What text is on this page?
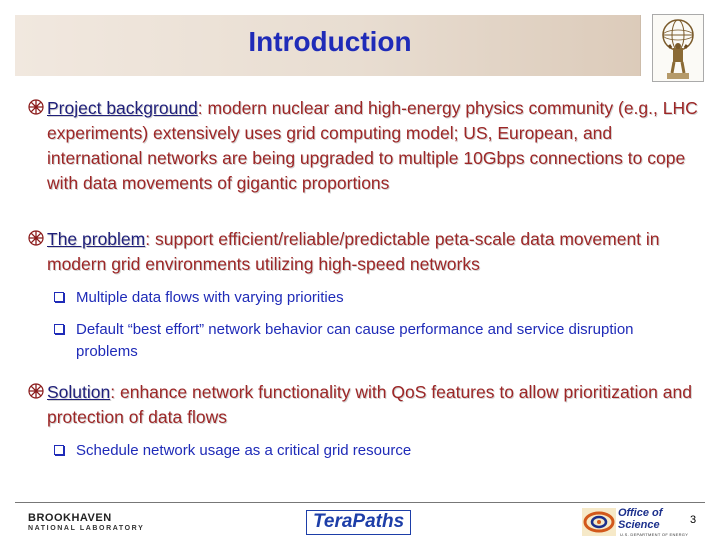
Introduction
Project background: modern nuclear and high-energy physics community (e.g., LHC experiments) extensively uses grid computing model; US, European, and international networks are being upgraded to multiple 10Gbps connections to cope with data movements of gigantic proportions
The problem: support efficient/reliable/predictable peta-scale data movement in modern grid environments utilizing high-speed networks
Multiple data flows with varying priorities
Default “best effort” network behavior can cause performance and service disruption problems
Solution: enhance network functionality with QoS features to allow prioritization and protection of data flows
Schedule network usage as a critical grid resource
BROOKHAVEN
NATIONAL LABORATORY	TeraPaths	Office of
Science
U.S. DEPARTMENT OF ENERGY
3
